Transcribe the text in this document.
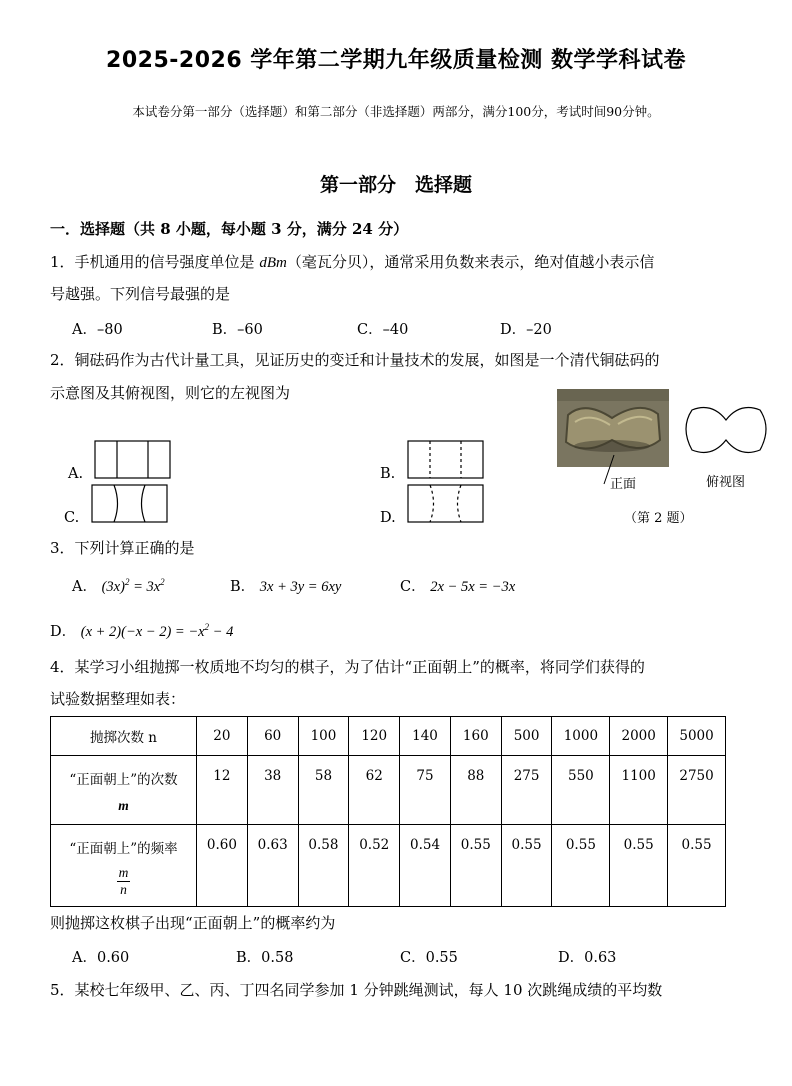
2025-2026 学年第二学期九年级质量检测 数学学科试卷
本试卷分第一部分（选择题）和第二部分（非选择题）两部分，满分100分，考试时间90分钟。
第一部分　选择题
一．选择题（共 8 小题，每小题 3 分，满分 24 分）
1．手机通用的信号强度单位是 dBm（毫瓦分贝），通常采用负数来表示，绝对值越小表示信
号越强。下列信号最强的是
A．–80	B．–60	C．–40	D．–20
2．铜砝码作为古代计量工具，见证历史的变迁和计量技术的发展，如图是一个清代铜砝码的
示意图及其俯视图，则它的左视图为
A.	B.
C.	D.
正面	俯视图
（第 2 题）
3．下列计算正确的是
A． $(3x)^2 = 3x^2$	B． 3x + 3y = 6xy	C． 2x − 5x = −3x
D． $(x + 2)(-x - 2) = -x^2 - 4$
4．某学习小组抛掷一枚质地不均匀的棋子，为了估计“正面朝上”的概率，将同学们获得的
试验数据整理如表：
抛掷次数 n	20	60	100	120	140	160	500	1000	2000	5000

“正面朝上”的次数
m	12	38	58	62	75	88	275	550	1100	2750

“正面朝上”的频率
$\frac{m}{n}$	0.60	0.63	0.58	0.52	0.54	0.55	0.55	0.55	0.55	0.55
则抛掷这枚棋子出现“正面朝上”的概率约为
A．0.60	B．0.58	C．0.55	D．0.63
5．某校七年级甲、乙、丙、丁四名同学参加 1 分钟跳绳测试，每人 10 次跳绳成绩的平均数
